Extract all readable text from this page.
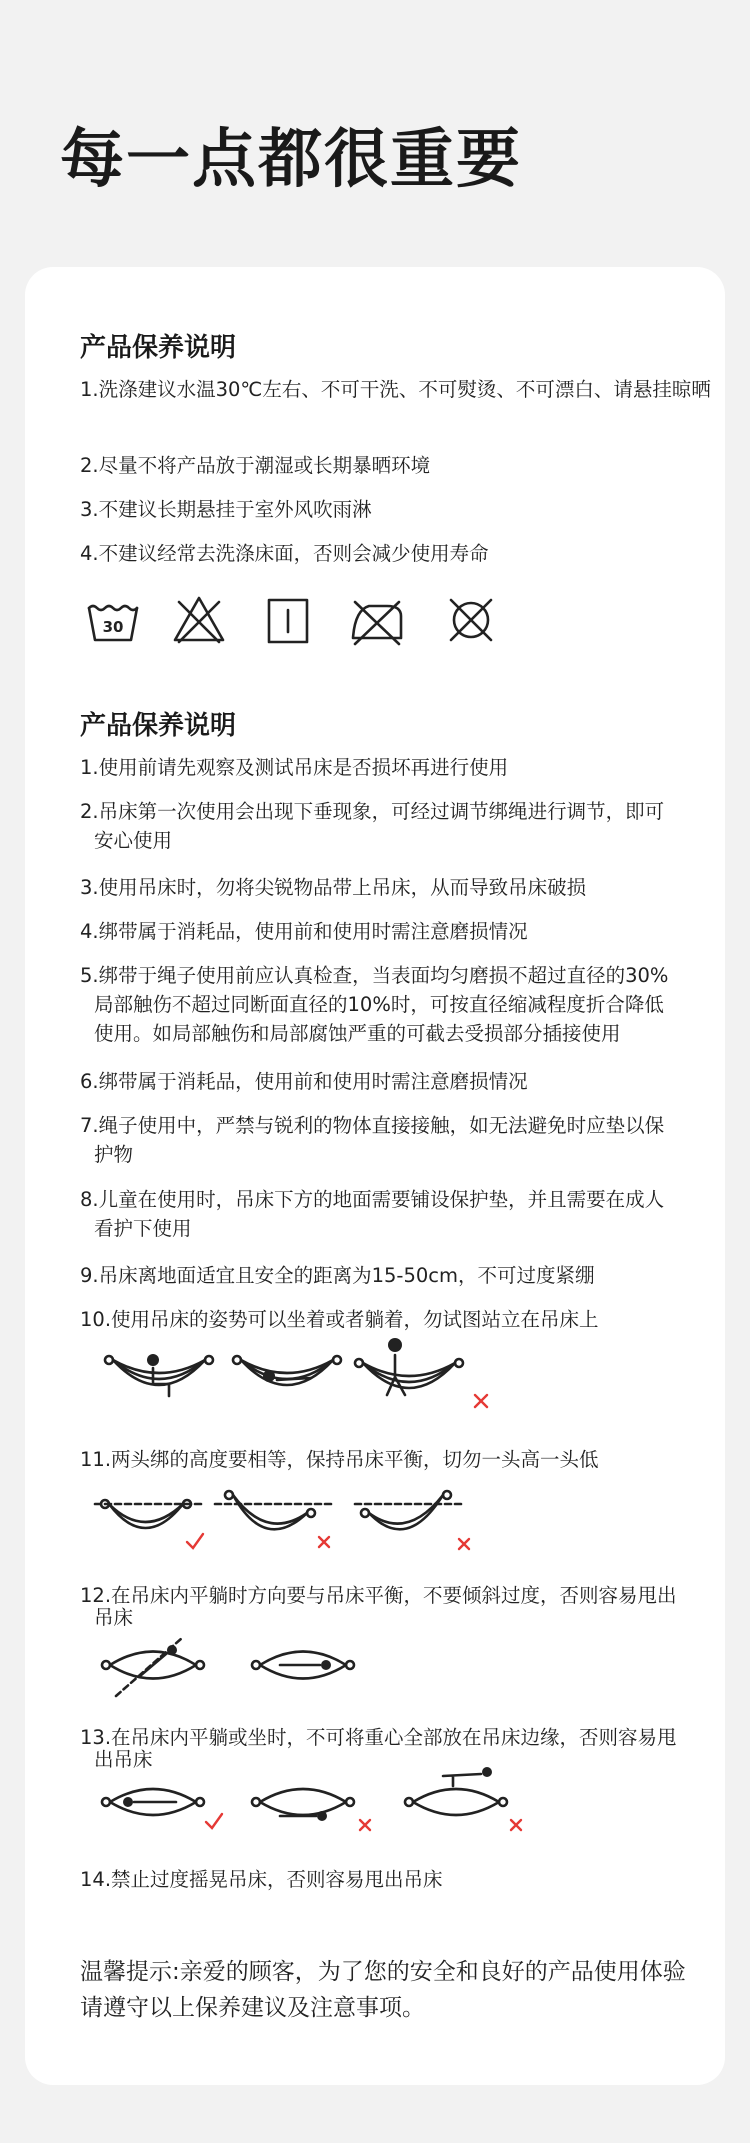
每一点都很重要
产品保养说明

1.洗涤建议水温30℃左右、不可干洗、不可熨烫、不可漂白、请悬挂晾晒

2.尽量不将产品放于潮湿或长期暴晒环境

3.不建议长期悬挂于室外风吹雨淋

4.不建议经常去洗涤床面，否则会减少使用寿命

30
产品保养说明

1.使用前请先观察及测试吊床是否损坏再进行使用

2.吊床第一次使用会出现下垂现象，可经过调节绑绳进行调节，即可
安心使用

3.使用吊床时，勿将尖锐物品带上吊床，从而导致吊床破损

4.绑带属于消耗品，使用前和使用时需注意磨损情况

5.绑带于绳子使用前应认真检查，当表面均匀磨损不超过直径的30%
局部触伤不超过同断面直径的10%时，可按直径缩减程度折合降低
使用。如局部触伤和局部腐蚀严重的可截去受损部分插接使用

6.绑带属于消耗品，使用前和使用时需注意磨损情况

7.绳子使用中，严禁与锐利的物体直接接触，如无法避免时应垫以保
护物

8.儿童在使用时，吊床下方的地面需要铺设保护垫，并且需要在成人
看护下使用

9.吊床离地面适宜且安全的距离为15-50cm，不可过度紧绷

10.使用吊床的姿势可以坐着或者躺着，勿试图站立在吊床上

11.两头绑的高度要相等，保持吊床平衡，切勿一头高一头低

12.在吊床内平躺时方向要与吊床平衡，不要倾斜过度，否则容易甩出
吊床

13.在吊床内平躺或坐时，不可将重心全部放在吊床边缘，否则容易甩
出吊床

14.禁止过度摇晃吊床，否则容易甩出吊床

温馨提示:亲爱的顾客，为了您的安全和良好的产品使用体验
请遵守以上保养建议及注意事项。
